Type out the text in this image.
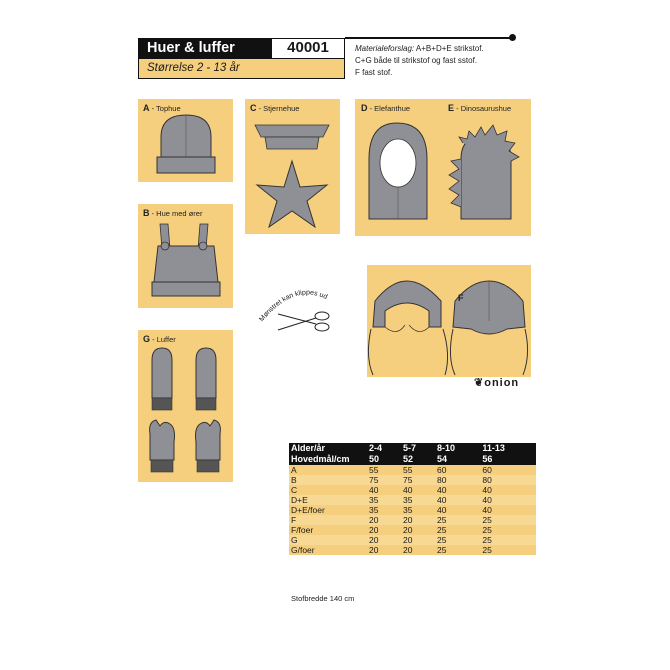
Huer & luffer	40001
Størrelse 2 - 13 år
Materialeforslag: A+B+D+E strikstof.
C+G både til strikstof og fast sstof.
F fast stof.
A - Tophue
B - Hue med ører
C - Stjernehue	D - Elefanthue	E - Dinosaurushue
F
G - Luffer
Mønstret kan klippes ud
❦onion
Alder/år	2-4	5-7	8-10	11-13
Hovedmål/cm	50	52	54	56
A	55	55	60	60
B	75	75	80	80
C	40	40	40	40
D+E	35	35	40	40
D+E/foer	35	35	40	40
F	20	20	25	25
F/foer	20	20	25	25
G	20	20	25	25
G/foer	20	20	25	25
Stofbredde 140 cm
